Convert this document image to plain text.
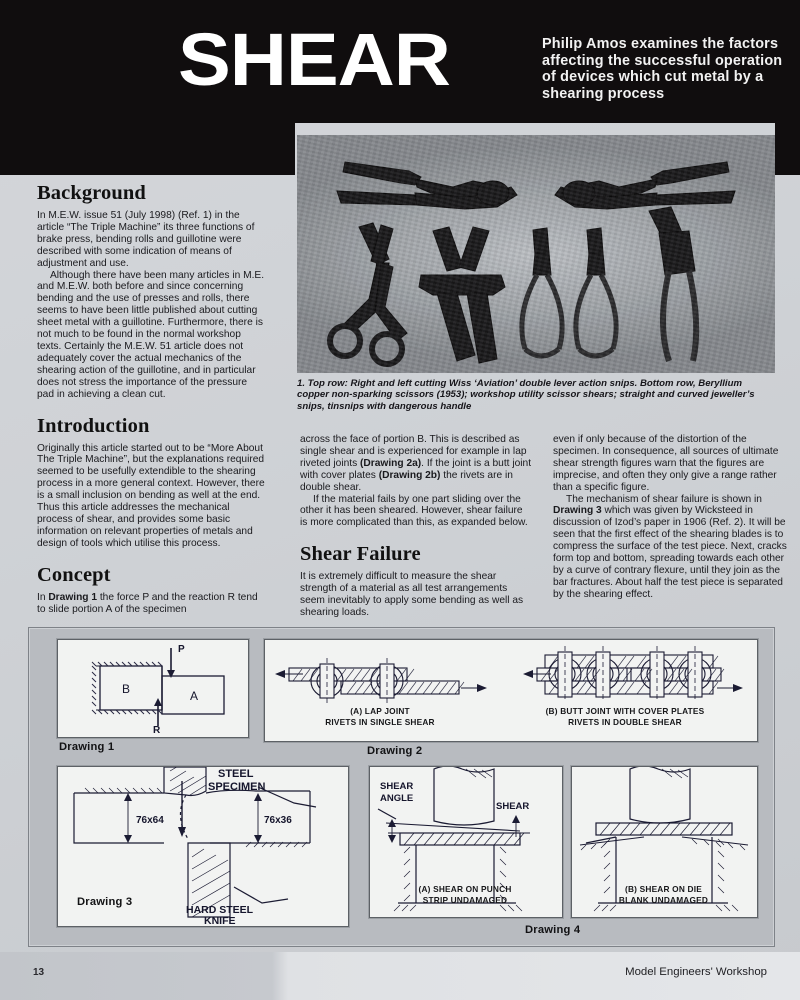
SHEAR	Philip Amos examines the factors affecting the successful operation of devices which cut metal by a shearing process
1. Top row: Right and left cutting Wiss ‘Aviation’ double lever action snips. Bottom row, Beryllium copper non-sparking scissors (1953); workshop utility scissor shears; straight and curved jeweller’s snips, tinsnips with dangerous handle
Background

In M.E.W. issue 51 (July 1998) (Ref. 1) in the article “The Triple Machine” its three functions of brake press, bending rolls and guillotine were described with some indication of means of adjustment and use.

Although there have been many articles in M.E. and M.E.W. both before and since concerning bending and the use of presses and rolls, there seems to have been little published about cutting sheet metal with a guillotine. Furthermore, there is not much to be found in the normal workshop texts. Certainly the M.E.W. 51 article does not adequately cover the actual mechanics of the shearing action of the guillotine, and in particular does not stress the importance of the pressure pad in achieving a clean cut.

Introduction

Originally this article started out to be “More About The Triple Machine”, but the explanations required seemed to be usefully extendible to the shearing process in a more general context. However, there is a small inclusion on bending as well at the end. Thus this article addresses the mechanical process of shear, and provides some basic information on relevant properties of metals and design of tools which utilise this process.

Concept

In Drawing 1 the force P and the reaction R tend to slide portion A of the specimen

across the face of portion B. This is described as single shear and is experienced for example in lap riveted joints (Drawing 2a). If the joint is a butt joint with cover plates (Drawing 2b) the rivets are in double shear.

If the material fails by one part sliding over the other it has been sheared. However, shear failure is more complicated than this, as expanded below.

Shear Failure

It is extremely difficult to measure the shear strength of a material as all test arrangements seem inevitably to apply some bending as well as shearing loads.

even if only because of the distortion of the specimen. In consequence, all sources of ultimate shear strength figures warn that the figures are imprecise, and often they only give a range rather than a specific figure.

The mechanism of shear failure is shown in Drawing 3 which was given by Wicksteed in discussion of Izod’s paper in 1906 (Ref. 2). It will be seen that the first effect of the shearing blades is to compress the surface of the test piece. Next, cracks form top and bottom, spreading towards each other by a curve of contrary flexure, until they join as the bar fractures. About half the test piece is separated by the shearing effect.

B	A
P
R
Drawing 1
(A) LAP JOINT
RIVETS IN SINGLE SHEAR
(B) BUTT JOINT WITH COVER PLATES
RIVETS IN DOUBLE SHEAR
Drawing 2
STEEL
SPECIMEN
76x64	76x36
HARD STEEL
KNIFE
Drawing 3
SHEAR
ANGLE
SHEAR
(A) SHEAR ON PUNCH
STRIP UNDAMAGED
(B) SHEAR ON DIE
BLANK UNDAMAGED
Drawing 4
13	Model Engineers' Workshop
